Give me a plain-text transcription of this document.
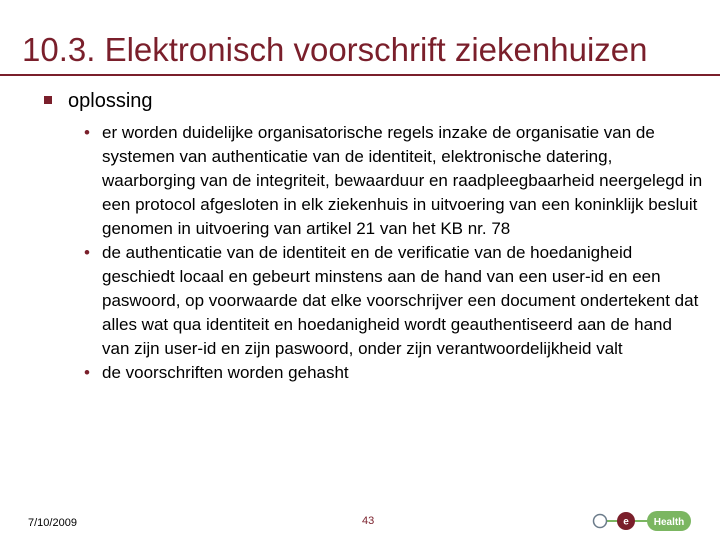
10.3. Elektronisch voorschrift ziekenhuizen
oplossing
• er worden duidelijke organisatorische regels inzake de organisatie van de systemen van authenticatie van de identiteit, elektronische datering, waarborging van de integriteit, bewaarduur en raadpleegbaarheid neergelegd in een protocol afgesloten in elk ziekenhuis in uitvoering van een koninklijk besluit genomen in uitvoering van artikel 21 van het KB nr. 78
• de authenticatie van de identiteit en de verificatie van de hoedanigheid geschiedt locaal en gebeurt minstens aan de hand van een user-id en een paswoord, op voorwaarde dat elke voorschrijver een document ondertekent dat alles wat qua identiteit en hoedanigheid wordt geauthentiseerd aan de hand van zijn user-id en zijn paswoord, onder zijn verantwoordelijkheid valt
• de voorschriften worden gehasht
7/10/2009	43	e Health
